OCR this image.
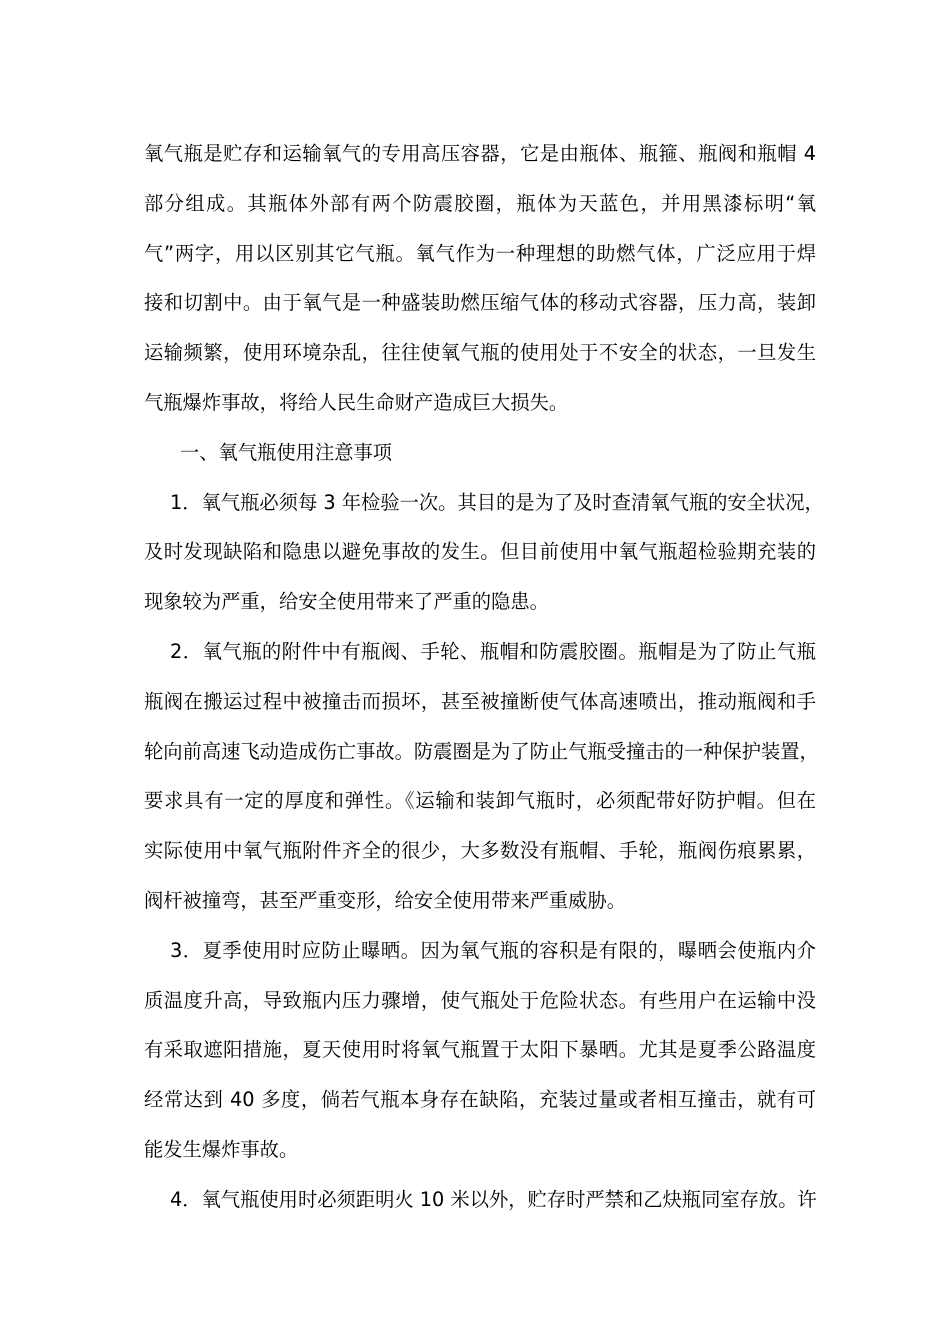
氧气瓶是贮存和运输氧气的专用高压容器，它是由瓶体、瓶箍、瓶阀和瓶帽 4
部分组成。其瓶体外部有两个防震胶圈，瓶体为天蓝色，并用黑漆标明“氧
气”两字，用以区别其它气瓶。氧气作为一种理想的助燃气体，广泛应用于焊
接和切割中。由于氧气是一种盛装助燃压缩气体的移动式容器，压力高，装卸
运输频繁，使用环境杂乱，往往使氧气瓶的使用处于不安全的状态，一旦发生
气瓶爆炸事故，将给人民生命财产造成巨大损失。
一、氧气瓶使用注意事项
1．氧气瓶必须每 3 年检验一次。其目的是为了及时查清氧气瓶的安全状况，
及时发现缺陷和隐患以避免事故的发生。但目前使用中氧气瓶超检验期充装的
现象较为严重，给安全使用带来了严重的隐患。
2．氧气瓶的附件中有瓶阀、手轮、瓶帽和防震胶圈。瓶帽是为了防止气瓶
瓶阀在搬运过程中被撞击而损坏，甚至被撞断使气体高速喷出，推动瓶阀和手
轮向前高速飞动造成伤亡事故。防震圈是为了防止气瓶受撞击的一种保护装置，
要求具有一定的厚度和弹性。《运输和装卸气瓶时，必须配带好防护帽。但在
实际使用中氧气瓶附件齐全的很少，大多数没有瓶帽、手轮，瓶阀伤痕累累，
阀杆被撞弯，甚至严重变形，给安全使用带来严重威胁。
3．夏季使用时应防止曝晒。因为氧气瓶的容积是有限的，曝晒会使瓶内介
质温度升高，导致瓶内压力骤增，使气瓶处于危险状态。有些用户在运输中没
有采取遮阳措施，夏天使用时将氧气瓶置于太阳下暴晒。尤其是夏季公路温度
经常达到 40 多度，倘若气瓶本身存在缺陷，充装过量或者相互撞击，就有可
能发生爆炸事故。
4．氧气瓶使用时必须距明火 10 米以外，贮存时严禁和乙炔瓶同室存放。许
